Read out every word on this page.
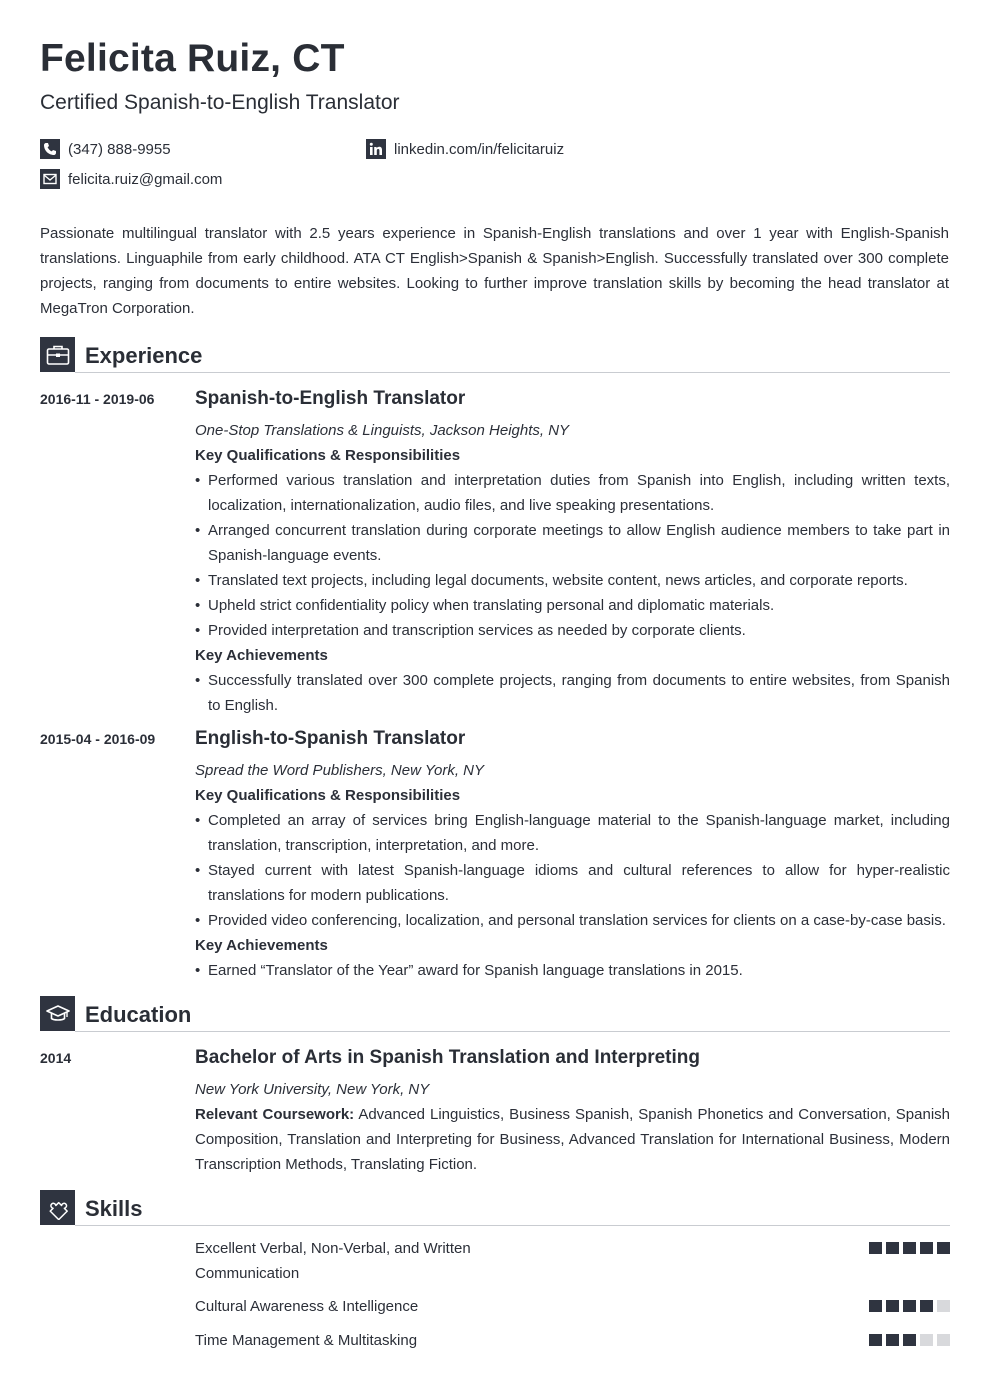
Felicita Ruiz, CT
Certified Spanish-to-English Translator
(347) 888-9955
felicita.ruiz@gmail.com
linkedin.com/in/felicitaruiz
Passionate multilingual translator with 2.5 years experience in Spanish-English translations and over 1 year with English-Spanish translations. Linguaphile from early childhood. ATA CT English>Spanish & Spanish>English. Successfully translated over 300 complete projects, ranging from documents to entire websites. Looking to further improve translation skills by becoming the head translator at MegaTron Corporation.
Experience
2016-11 - 2019-06 Spanish-to-English Translator
One-Stop Translations & Linguists, Jackson Heights, NY
Key Qualifications & Responsibilities
• Performed various translation and interpretation duties from Spanish into English, including written texts, localization, internationalization, audio files, and live speaking presentations.
• Arranged concurrent translation during corporate meetings to allow English audience members to take part in Spanish-language events.
• Translated text projects, including legal documents, website content, news articles, and corporate reports.
• Upheld strict confidentiality policy when translating personal and diplomatic materials.
• Provided interpretation and transcription services as needed by corporate clients.
Key Achievements
• Successfully translated over 300 complete projects, ranging from documents to entire websites, from Spanish to English.
2015-04 - 2016-09 English-to-Spanish Translator
Spread the Word Publishers, New York, NY
Key Qualifications & Responsibilities
• Completed an array of services bring English-language material to the Spanish-language market, including translation, transcription, interpretation, and more.
• Stayed current with latest Spanish-language idioms and cultural references to allow for hyper-realistic translations for modern publications.
• Provided video conferencing, localization, and personal translation services for clients on a case-by-case basis.
Key Achievements
• Earned “Translator of the Year” award for Spanish language translations in 2015.
Education
2014	Bachelor of Arts in Spanish Translation and Interpreting
New York University, New York, NY
Relevant Coursework: Advanced Linguistics, Business Spanish, Spanish Phonetics and Conversation, Spanish Composition, Translation and Interpreting for Business, Advanced Translation for International Business, Modern Transcription Methods, Translating Fiction.
Skills
Excellent Verbal, Non-Verbal, and Written Communication
Cultural Awareness & Intelligence
Time Management & Multitasking
